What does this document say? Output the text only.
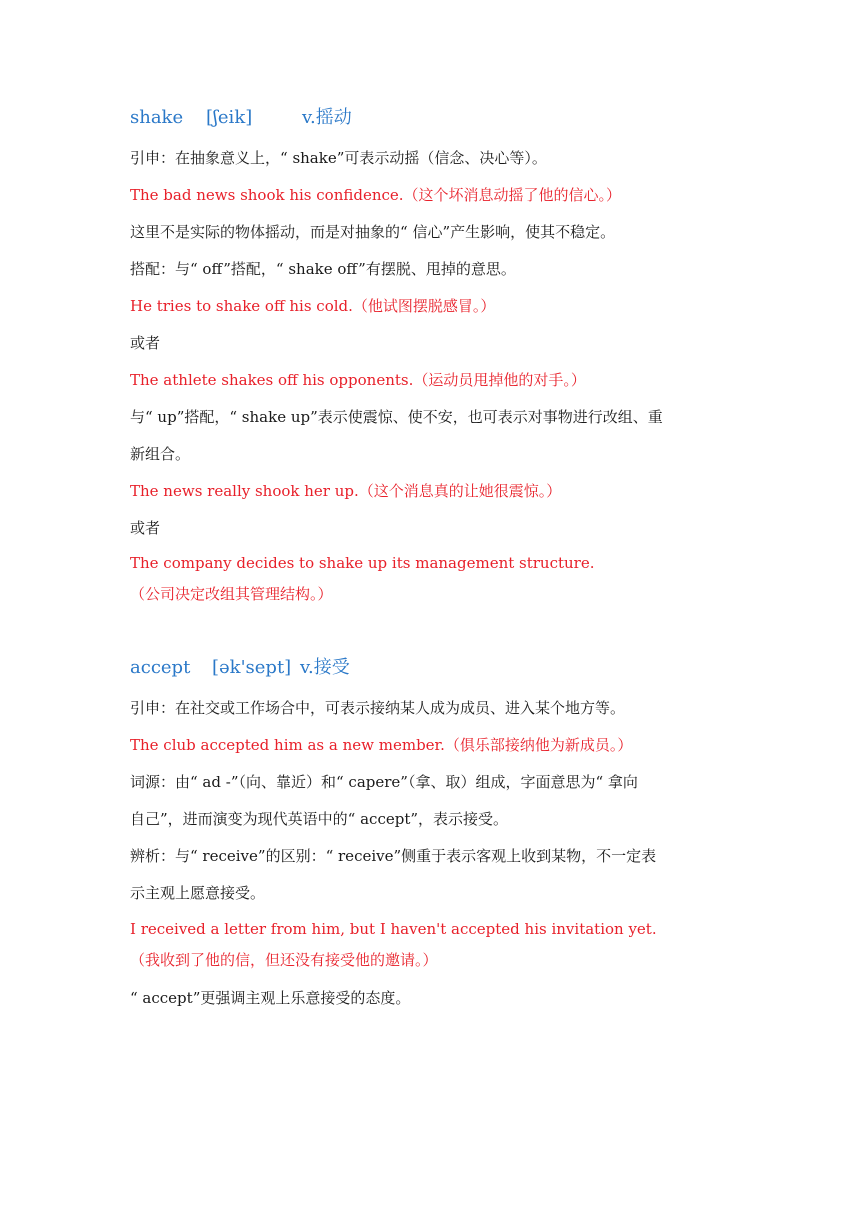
shake [ʃeik]	v.摇动
引申：在抽象意义上，“ shake”可表示动摇（信念、决心等）。
The bad news shook his confidence.（这个坏消息动摇了他的信心。）
这里不是实际的物体摇动，而是对抽象的“ 信心”产生影响，使其不稳定。
搭配：与“ off”搭配，“ shake off”有摆脱、甩掉的意思。
He tries to shake off his cold.（他试图摆脱感冒。）
或者
The athlete shakes off his opponents.（运动员甩掉他的对手。）
与“ up”搭配，“ shake up”表示使震惊、使不安，也可表示对事物进行改组、重
新组合。
The news really shook her up.（这个消息真的让她很震惊。）
或者
The company decides to shake up its management structure.
（公司决定改组其管理结构。）
accept [ək'sept] v.接受
引申：在社交或工作场合中，可表示接纳某人成为成员、进入某个地方等。
The club accepted him as a new member.（俱乐部接纳他为新成员。）
词源：由“ ad -”（向、靠近）和“ capere”（拿、取）组成，字面意思为“ 拿向
自己”，进而演变为现代英语中的“ accept”，表示接受。
辨析：与“ receive”的区别：“ receive”侧重于表示客观上收到某物，不一定表
示主观上愿意接受。
I received a letter from him, but I haven't accepted his invitation yet.
（我收到了他的信，但还没有接受他的邀请。）
“ accept”更强调主观上乐意接受的态度。
